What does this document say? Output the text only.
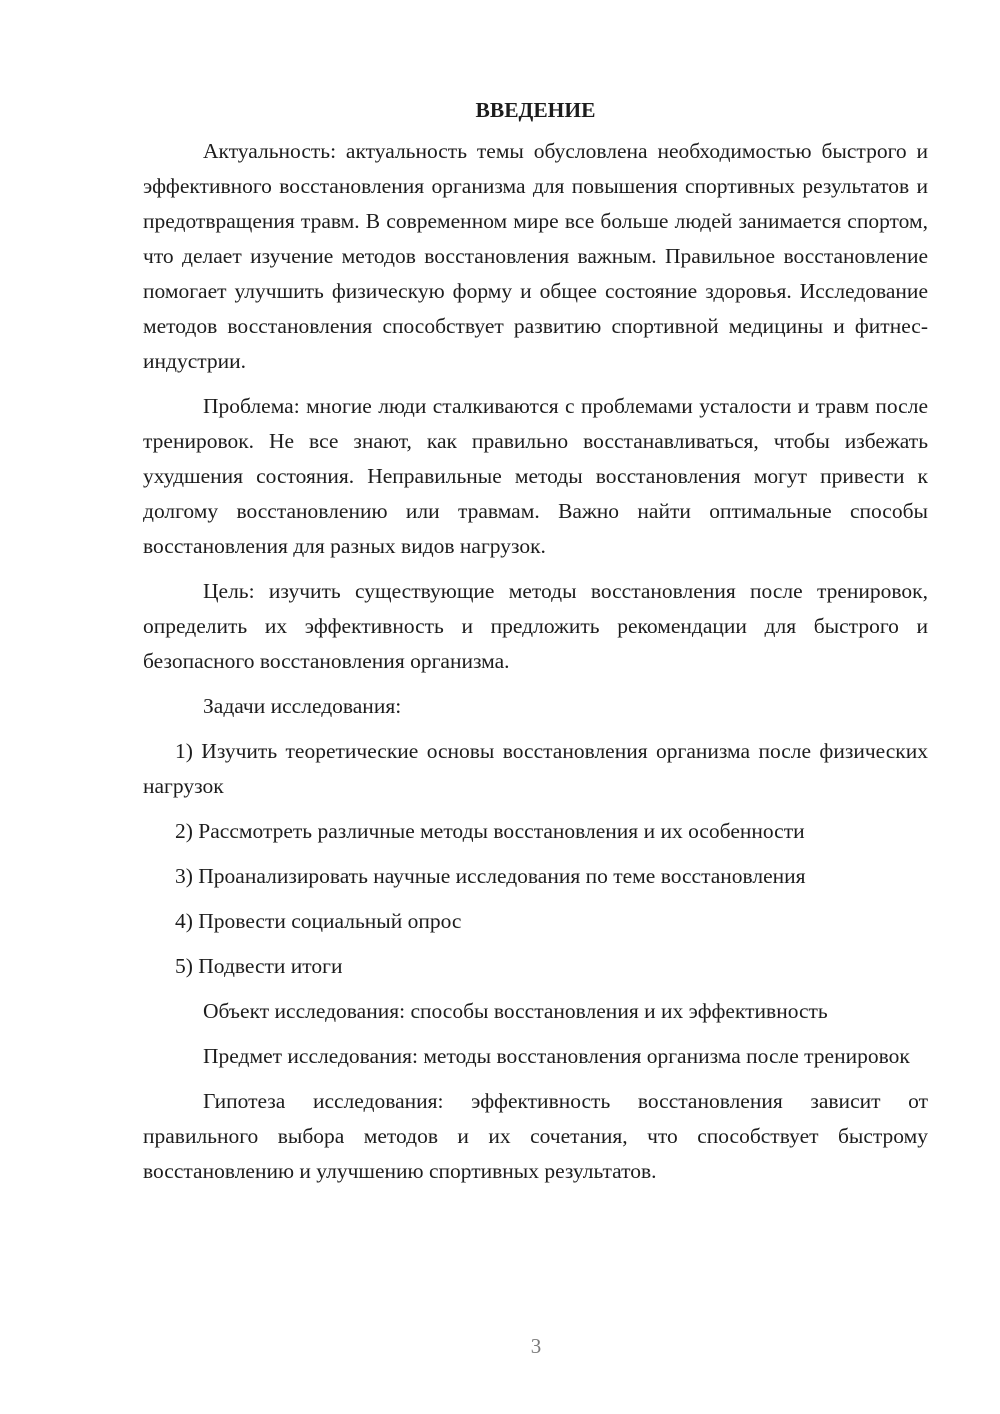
ВВЕДЕНИЕ

Актуальность: актуальность темы обусловлена необходимостью быстрого и эффективного восстановления организма для повышения спортивных результатов и предотвращения травм. В современном мире все больше людей занимается спортом, что делает изучение методов восстановления важным. Правильное восстановление помогает улучшить физическую форму и общее состояние здоровья. Исследование методов восстановления способствует развитию спортивной медицины и фитнес-индустрии.

Проблема: многие люди сталкиваются с проблемами усталости и травм после тренировок. Не все знают, как правильно восстанавливаться, чтобы избежать ухудшения состояния. Неправильные методы восстановления могут привести к долгому восстановлению или травмам. Важно найти оптимальные способы восстановления для разных видов нагрузок.

Цель: изучить существующие методы восстановления после тренировок, определить их эффективность и предложить рекомендации для быстрого и безопасного восстановления организма.

Задачи исследования:

1) Изучить теоретические основы восстановления организма после физических нагрузок
2) Рассмотреть различные методы восстановления и их особенности
3) Проанализировать научные исследования по теме восстановления
4) Провести социальный опрос
5) Подвести итоги

Объект исследования: способы восстановления и их эффективность

Предмет исследования: методы восстановления организма после тренировок

Гипотеза исследования: эффективность восстановления зависит от правильного выбора методов и их сочетания, что способствует быстрому восстановлению и улучшению спортивных результатов.

3
